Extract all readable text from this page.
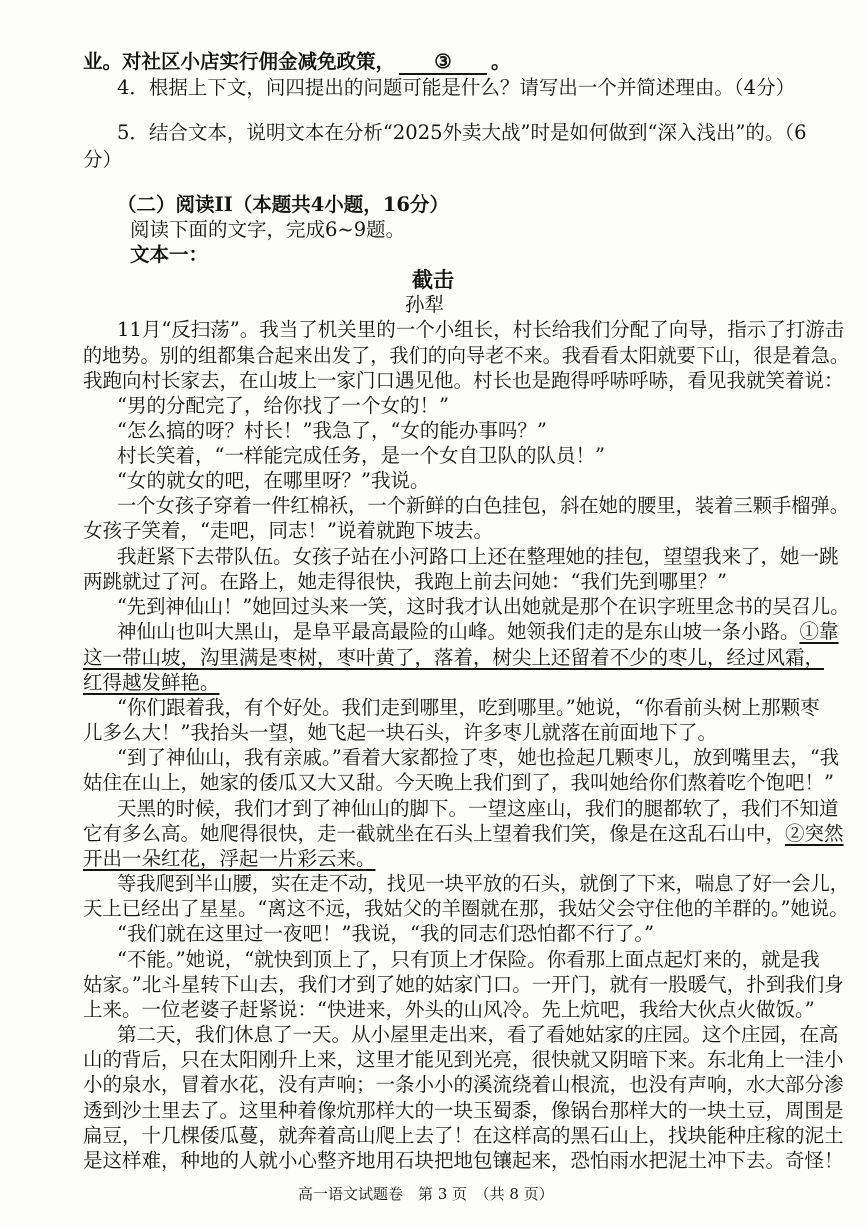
业。对社区小店实行佣金减免政策， ③ 。
4．根据上下文，问四提出的问题可能是什么？请写出一个并简述理由。（4分）
5．结合文本，说明文本在分析“2025外卖大战”时是如何做到“深入浅出”的。（6
分）
（二）阅读II（本题共4小题，16分）
阅读下面的文字，完成6~9题。
文本一：
截击
孙犁
11月“反扫荡”。我当了机关里的一个小组长，村长给我们分配了向导，指示了打游击
的地势。别的组都集合起来出发了，我们的向导老不来。我看看太阳就要下山，很是着急。
我跑向村长家去，在山坡上一家门口遇见他。村长也是跑得呼哧呼哧，看见我就笑着说：
“男的分配完了，给你找了一个女的！”
“怎么搞的呀？村长！”我急了，“女的能办事吗？”
村长笑着，“一样能完成任务，是一个女自卫队的队员！”
“女的就女的吧，在哪里呀？”我说。
一个女孩子穿着一件红棉袄，一个新鲜的白色挂包，斜在她的腰里，装着三颗手榴弹。
女孩子笑着，“走吧，同志！”说着就跑下坡去。
我赶紧下去带队伍。女孩子站在小河路口上还在整理她的挂包，望望我来了，她一跳
两跳就过了河。在路上，她走得很快，我跑上前去问她：“我们先到哪里？”
“先到神仙山！”她回过头来一笑，这时我才认出她就是那个在识字班里念书的吴召儿。
神仙山也叫大黑山，是阜平最高最险的山峰。她领我们走的是东山坡一条小路。①靠
这一带山坡，沟里满是枣树，枣叶黄了，落着，树尖上还留着不少的枣儿，经过风霜，
红得越发鲜艳。
“你们跟着我，有个好处。我们走到哪里，吃到哪里。”她说，“你看前头树上那颗枣
儿多么大！”我抬头一望，她飞起一块石头，许多枣儿就落在前面地下了。
“到了神仙山，我有亲戚。”看着大家都捡了枣，她也捡起几颗枣儿，放到嘴里去，“我
姑住在山上，她家的倭瓜又大又甜。今天晚上我们到了，我叫她给你们熬着吃个饱吧！”
天黑的时候，我们才到了神仙山的脚下。一望这座山，我们的腿都软了，我们不知道
它有多么高。她爬得很快，走一截就坐在石头上望着我们笑，像是在这乱石山中，②突然
开出一朵红花，浮起一片彩云来。
等我爬到半山腰，实在走不动，找见一块平放的石头，就倒了下来，喘息了好一会儿，
天上已经出了星星。“离这不远，我姑父的羊圈就在那，我姑父会守住他的羊群的。”她说。
“我们就在这里过一夜吧！”我说，“我的同志们恐怕都不行了。”
“不能。”她说，“就快到顶上了，只有顶上才保险。你看那上面点起灯来的，就是我
姑家。”北斗星转下山去，我们才到了她的姑家门口。一开门，就有一股暖气，扑到我们身
上来。一位老婆子赶紧说：“快进来，外头的山风冷。先上炕吧，我给大伙点火做饭。”
第二天，我们休息了一天。从小屋里走出来，看了看她姑家的庄园。这个庄园，在高
山的背后，只在太阳刚升上来，这里才能见到光亮，很快就又阴暗下来。东北角上一洼小
小的泉水，冒着水花，没有声响；一条小小的溪流绕着山根流，也没有声响，水大部分渗
透到沙土里去了。这里种着像炕那样大的一块玉蜀黍，像锅台那样大的一块土豆，周围是
扁豆，十几棵倭瓜蔓，就奔着高山爬上去了！在这样高的黑石山上，找块能种庄稼的泥土
是这样难，种地的人就小心整齐地用石块把地包镶起来，恐怕雨水把泥土冲下去。奇怪！
高一语文试题卷　第 3 页　（共 8 页）
